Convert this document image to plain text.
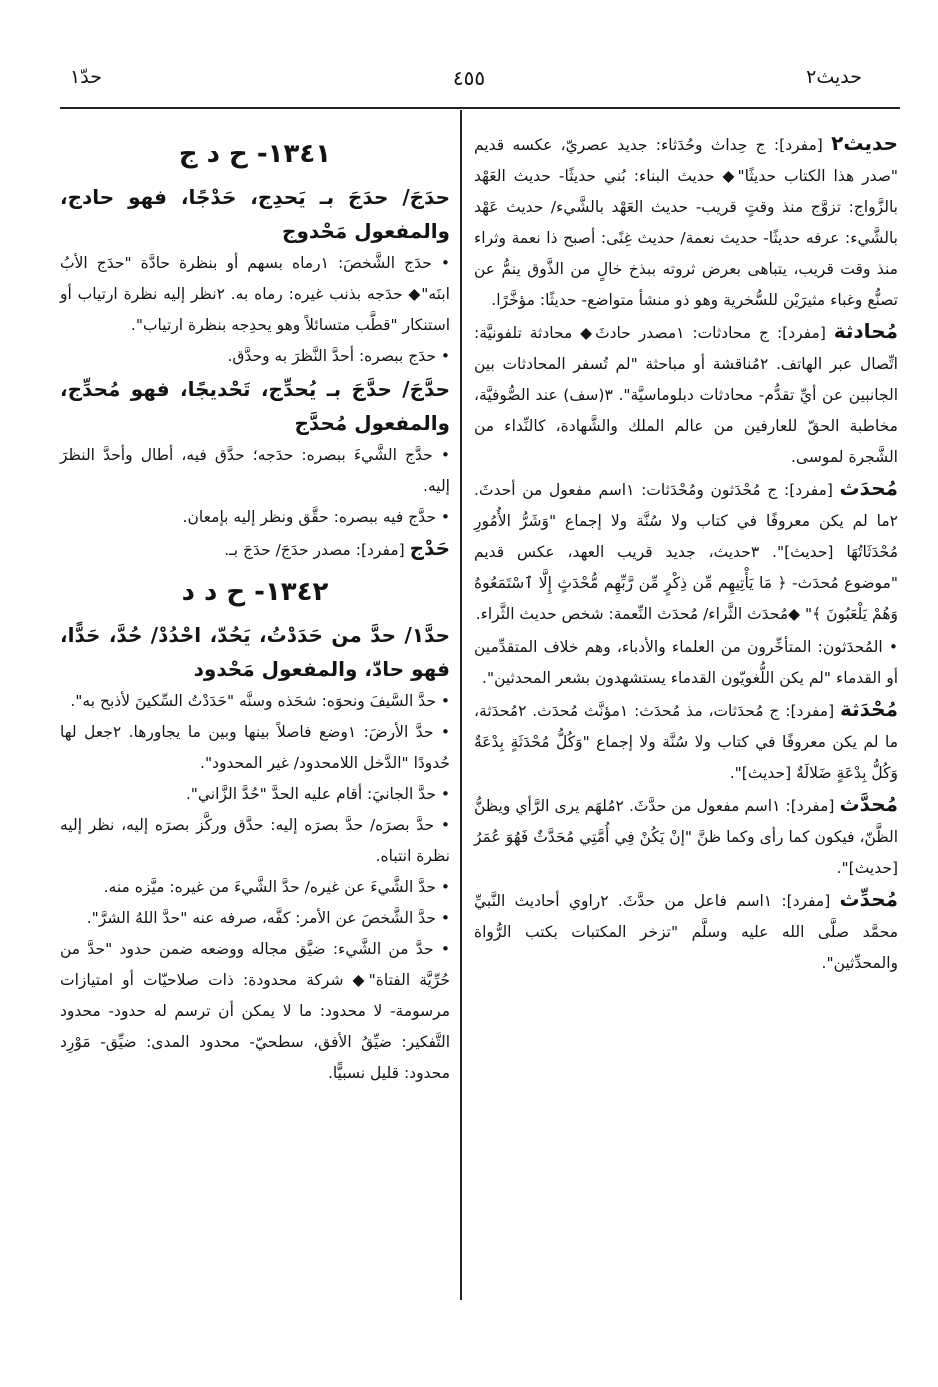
حديث٢
٤٥٥
حدّ١

حديث٢ [مفرد]: ج حِداث وحُدَثاء: جديد عصريّ، عكسه قديم "صدر هذا الكتاب حديثًا"◆ حديث البناء: بُني حديثًا- حديث العَهْد بالزَّواج: تزوَّج منذ وقتٍ قريب- حديث العَهْد بالشَّيء/ حديث عَهْد بالشَّيء: عرفه حديثًا- حديث نعمة/ حديث غِنًى: أصبح ذا نعمة وثراء منذ وقت قريب، يتباهى بعرض ثروته ببذخ خالٍ من الذَّوق ينمُّ عن تصنُّع وغباء مثيرَيْن للسُّخرية وهو ذو منشأ متواضع- حديثًا: مؤخَّرًا.

مُحادثة [مفرد]: ج محادثات: ١مصدر حادثَ◆ محادثة تلفونيَّة: اتِّصال عبر الهاتف. ٢مُناقشة أو مباحثة "لم تُسفر المحادثات بين الجانبين عن أيِّ تقدُّم- محادثات دبلوماسيَّة". ٣(سف) عند الصُّوفيَّة، مخاطبة الحقّ للعارفين من عالم الملك والشَّهادة، كالنِّداء من الشَّجرة لموسى.

مُحدَث [مفرد]: ج مُحْدَثون ومُحْدَثات: ١اسم مفعول من أحدثَ. ٢ما لم يكن معروفًا في كتاب ولا سُنَّة ولا إجماع "وَشَرُّ الأُمُورِ مُحْدَثَاتُهَا [حديث]". ٣حديث، جديد قريب العهد، عكس قديم "موضوع مُحدَث- ﴿ مَا يَأْتِيهِم مِّن ذِكْرٍ مِّن رَّبِّهِم مُّحْدَثٍ إِلَّا ٱسْتَمَعُوهُ وَهُمْ يَلْعَبُونَ ﴾" ◆مُحدَث الثَّراء/ مُحدَث النِّعمة: شخص حديث الثَّراء.

• المُحدَثون: المتأخِّرون من العلماء والأدباء، وهم خلاف المتقدِّمين أو القدماء "لم يكن اللُّغويّون القدماء يستشهدون بشعر المحدثين".

مُحْدَثة [مفرد]: ج مُحدَثات، مذ مُحدَث: ١مؤنَّث مُحدَث. ٢مُحدَثة، ما لم يكن معروفًا في كتاب ولا سُنَّة ولا إجماع "وَكُلُّ مُحْدَثَةٍ بِدْعَةٌ وَكُلُّ بِدْعَةٍ ضَلالَةٌ [حديث]".

مُحدَّث [مفرد]: ١اسم مفعول من حدَّثَ. ٢مُلهَم يرى الرَّأي ويظنُّ الظَّنّ، فيكون كما رأى وكما ظنَّ "إنْ يَكُنْ فِي أُمَّتِي مُحَدَّثٌ فَهُوَ عُمَرُ [حديث]".

مُحدِّث [مفرد]: ١اسم فاعل من حدَّثَ. ٢راوي أحاديث النَّبيِّ محمَّد صلَّى الله عليه وسلَّم "تزخر المكتبات بكتب الرُّواة والمحدِّثين".

١٣٤١- ح د ج

حدَجَ/ حدَجَ بـ يَحدِج، حَدْجًا، فهو حادج، والمفعول مَحْدوج

• حدَج الشَّخصَ: ١رماه بسهم أو بنظرة حادَّة "حدَج الأبُ ابنَه"◆ حدَجه بذنب غيره: رماه به. ٢نظر إليه نظرة ارتياب أو استنكار "قطَّب متسائلاً وهو يحدِجه بنظرة ارتياب".

• حدَج ببصره: أحدَّ النَّظرَ به وحدَّق.

حدَّجَ/ حدَّجَ بـ يُحدِّج، تَحْديجًا، فهو مُحدِّج، والمفعول مُحدَّج

• حدَّج الشَّيءَ ببصره: حدَجه؛ حدَّق فيه، أطال وأحدَّ النظرَ إليه.

• حدَّج فيه ببصره: حقَّق ونظر إليه بإمعان.

حَدْج [مفرد]: مصدر حدَجَ/ حدَجَ بـ.

١٣٤٢- ح د د

حدَّ١/ حدَّ من حَدَدْتُ، يَحُدّ، احْدُدْ/ حُدَّ، حَدًّا، فهو حادّ، والمفعول مَحْدود

• حدَّ السَّيفَ ونحوَه: شحَذه وسنَّه "حَدَدْتُ السِّكينَ لأذبح به".

• حدَّ الأرضَ: ١وضع فاصلاً بينها وبين ما يجاورها. ٢جعل لها حُدودًا "الدَّخل اللامحدود/ غير المحدود".

• حدَّ الجانيَ: أقام عليه الحدَّ "حُدَّ الزَّاني".

• حدَّ بصرَه/ حدَّ بصرَه إليه: حدَّق وركَّز بصرَه إليه، نظر إليه نظرة انتباه.

• حدَّ الشَّيءَ عن غيره/ حدَّ الشَّيءَ من غيره: ميَّزه منه.

• حدَّ الشَّخصَ عن الأمر: كفَّه، صرفه عنه "حدَّ اللهُ الشرَّ".

• حدَّ من الشَّيء: ضيَّق مجاله ووضعه ضمن حدود "حدَّ من حُرِّيَّة الفتاة"◆ شركة محدودة: ذات صلاحيّات أو امتيازات مرسومة- لا محدود: ما لا يمكن أن ترسم له حدود- محدود التَّفكير: ضيِّقُ الأفق، سطحيّ- محدود المدى: ضيِّق- مَوْرِد محدود: قليل نسبيًّا.
